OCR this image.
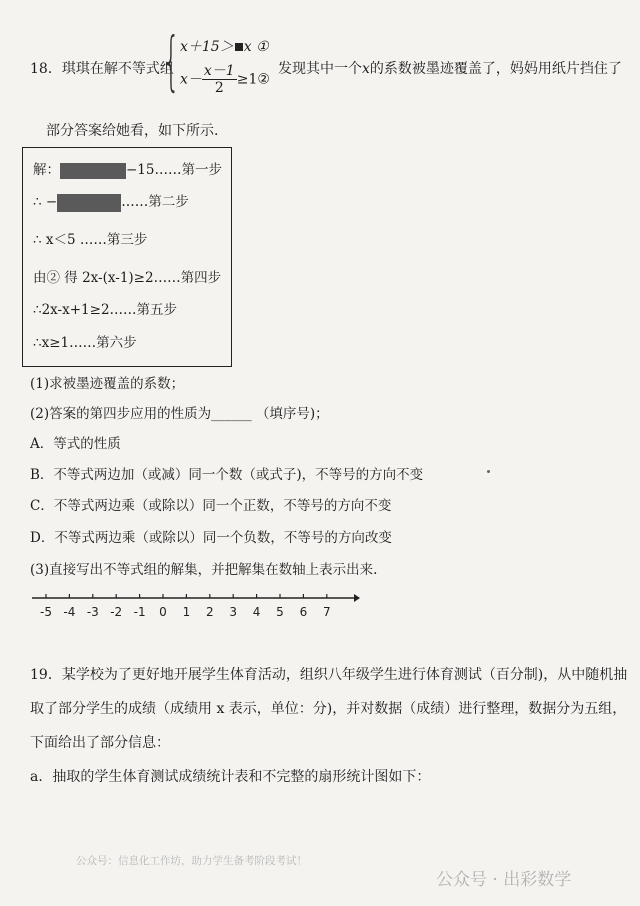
18．琪琪在解不等式组
{ x＋15＞ x ①
$x- \frac{x-1}{2}$ ≥1②
发现其中一个x的系数被墨迹覆盖了，妈妈用纸片挡住了
部分答案给她看，如下所示.
解：	−15……第一步
∴ −	……第二步
∴ x＜5 ……第三步
由② 得 2x-(x-1)≥2……第四步
∴2x-x+1≥2……第五步
∴x≥1……第六步
(1)求被墨迹覆盖的系数；
(2)答案的第四步应用的性质为______ （填序号)；
A．等式的性质
B．不等式两边加（或减）同一个数（或式子)，不等号的方向不变
C．不等式两边乘（或除以）同一个正数，不等号的方向不变
D．不等式两边乘（或除以）同一个负数，不等号的方向改变
(3)直接写出不等式组的解集，并把解集在数轴上表示出来.
-5 -4 -3 -2 -1 0 1 2 3 4 5 6 7
19．某学校为了更好地开展学生体育活动，组织八年级学生进行体育测试（百分制)，从中随机抽
取了部分学生的成绩（成绩用 x 表示，单位：分)，并对数据（成绩）进行整理，数据分为五组，
下面给出了部分信息：
a．抽取的学生体育测试成绩统计表和不完整的扇形统计图如下：
公众号：信息化工作坊，助力学生备考阶段考试！
公众号 · 出彩数学
